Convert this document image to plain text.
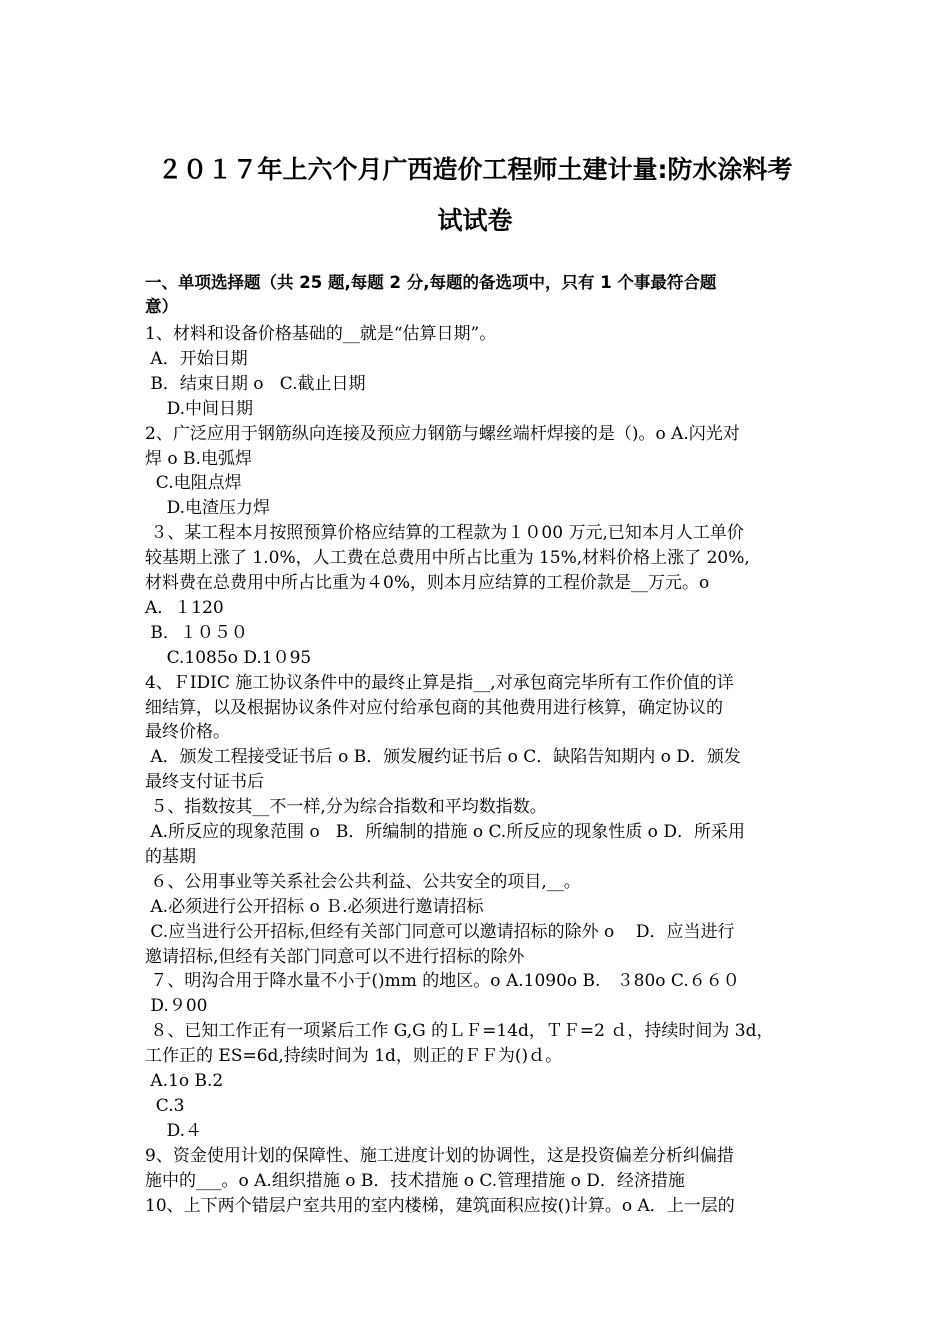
２０１７年上六个月广西造价工程师土建计量:防水涂料考
试试卷
一、单项选择题（共 25 题,每题 2 分,每题的备选项中，只有 1 个事最符合题
意）
1、材料和设备价格基础的__就是“估算日期”。
A．开始日期
B．结束日期 о   C.截止日期
D.中间日期
2、广泛应用于钢筋纵向连接及预应力钢筋与螺丝端杆焊接的是（)。о A.闪光对
焊 о B.电弧焊
C.电阻点焊
D.电渣压力焊
３、某工程本月按照预算价格应结算的工程款为１０00 万元,已知本月人工单价
较基期上涨了 1.0%，人工费在总费用中所占比重为 15%,材料价格上涨了 20%,
材料费在总费用中所占比重为４0%，则本月应结算的工程价款是__万元。о
A．１120
B．１０５０
C.1085о D.1０95
4、ＦIDIC 施工协议条件中的最终止算是指__,对承包商完毕所有工作价值的详
细结算，以及根据协议条件对应付给承包商的其他费用进行核算，确定协议的
最终价格。
A．颁发工程接受证书后 о B．颁发履约证书后 о C．缺陷告知期内 о D．颁发
最终支付证书后
５、指数按其__不一样,分为综合指数和平均数指数。
A.所反应的现象范围 о   B．所编制的措施 о C.所反应的现象性质 о D．所采用
的基期
６、公用事业等关系社会公共利益、公共安全的项目,__。
A.必须进行公开招标 о Ｂ.必须进行邀请招标
C.应当进行公开招标,但经有关部门同意可以邀请招标的除外 о    D．应当进行
邀请招标,但经有关部门同意可以不进行招标的除外
７、明沟合用于降水量不小于()mm 的地区。о A.1090о B.   ３80о C.６６０
D.９00
８、已知工作正有一项紧后工作 G,G 的ＬＦ=14d，ＴＦ=2 ｄ，持续时间为 3d，
工作正的 ES=6d,持续时间为 1d，则正的ＦＦ为()ｄ。
A.1о B.2
C.3
D.４
9、资金使用计划的保障性、施工进度计划的协调性，这是投资偏差分析纠偏措
施中的___。о A.组织措施 о B．技术措施 о C.管理措施 о D．经济措施
10、上下两个错层户室共用的室内楼梯，建筑面积应按()计算。о A．上一层的
